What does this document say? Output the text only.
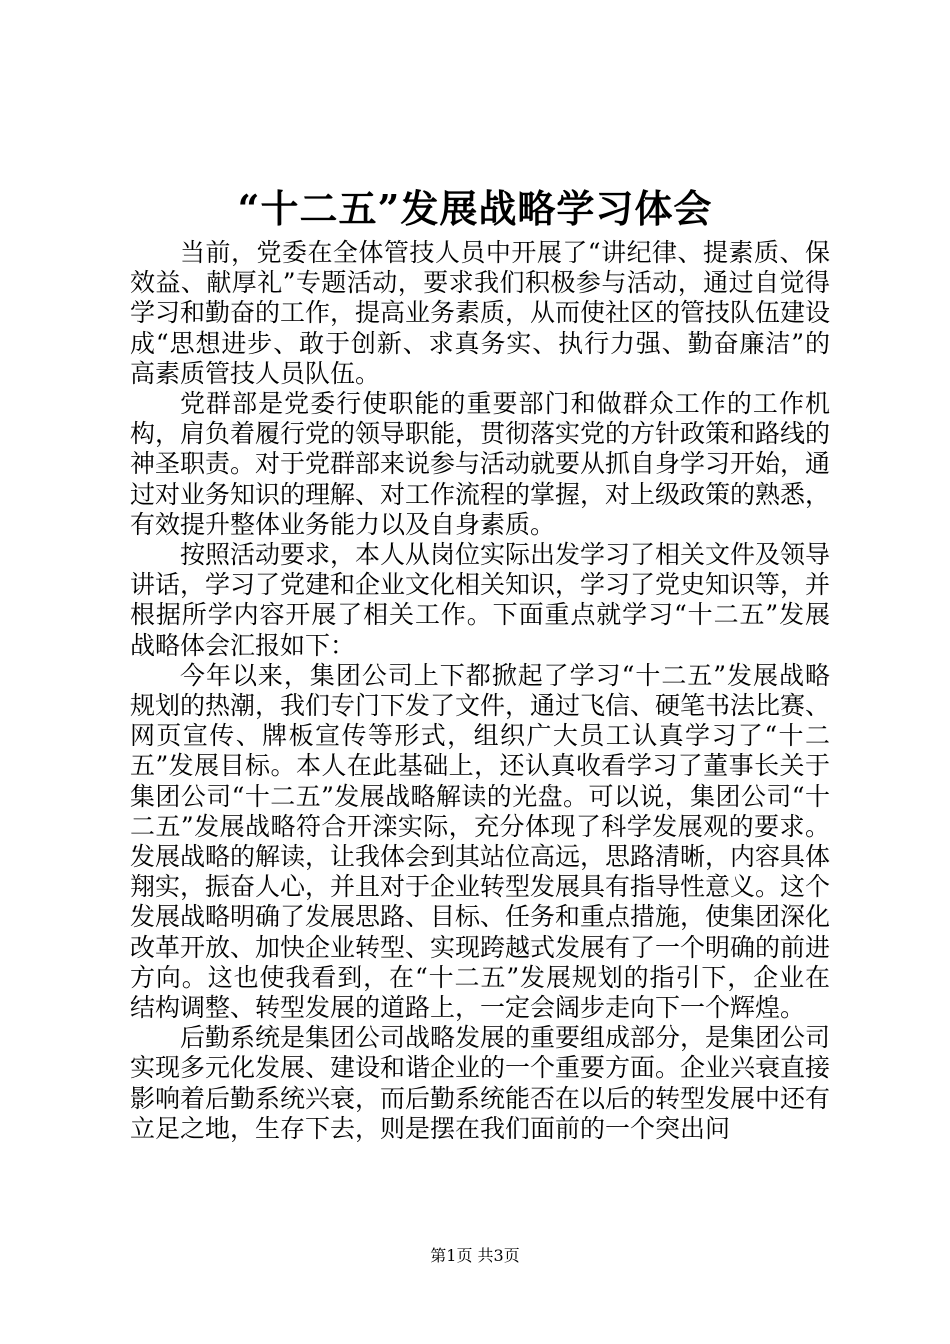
“十二五”发展战略学习体会

当前，党委在全体管技人员中开展了“讲纪律、提素质、保效益、献厚礼”专题活动，要求我们积极参与活动，通过自觉得学习和勤奋的工作，提高业务素质，从而使社区的管技队伍建设成“思想进步、敢于创新、求真务实、执行力强、勤奋廉洁”的高素质管技人员队伍。

党群部是党委行使职能的重要部门和做群众工作的工作机构，肩负着履行党的领导职能，贯彻落实党的方针政策和路线的神圣职责。对于党群部来说参与活动就要从抓自身学习开始，通过对业务知识的理解、对工作流程的掌握，对上级政策的熟悉，有效提升整体业务能力以及自身素质。

按照活动要求，本人从岗位实际出发学习了相关文件及领导讲话，学习了党建和企业文化相关知识，学习了党史知识等，并根据所学内容开展了相关工作。下面重点就学习“十二五”发展战略体会汇报如下：

今年以来，集团公司上下都掀起了学习“十二五”发展战略规划的热潮，我们专门下发了文件，通过飞信、硬笔书法比赛、网页宣传、牌板宣传等形式，组织广大员工认真学习了“十二五”发展目标。本人在此基础上，还认真收看学习了董事长关于集团公司“十二五”发展战略解读的光盘。可以说，集团公司“十二五”发展战略符合开滦实际，充分体现了科学发展观的要求。发展战略的解读，让我体会到其站位高远，思路清晰，内容具体翔实，振奋人心，并且对于企业转型发展具有指导性意义。这个发展战略明确了发展思路、目标、任务和重点措施，使集团深化改革开放、加快企业转型、实现跨越式发展有了一个明确的前进方向。这也使我看到，在“十二五”发展规划的指引下，企业在结构调整、转型发展的道路上，一定会阔步走向下一个辉煌。

后勤系统是集团公司战略发展的重要组成部分，是集团公司实现多元化发展、建设和谐企业的一个重要方面。企业兴衰直接影响着后勤系统兴衰，而后勤系统能否在以后的转型发展中还有立足之地，生存下去，则是摆在我们面前的一个突出问

第1页 共3页
